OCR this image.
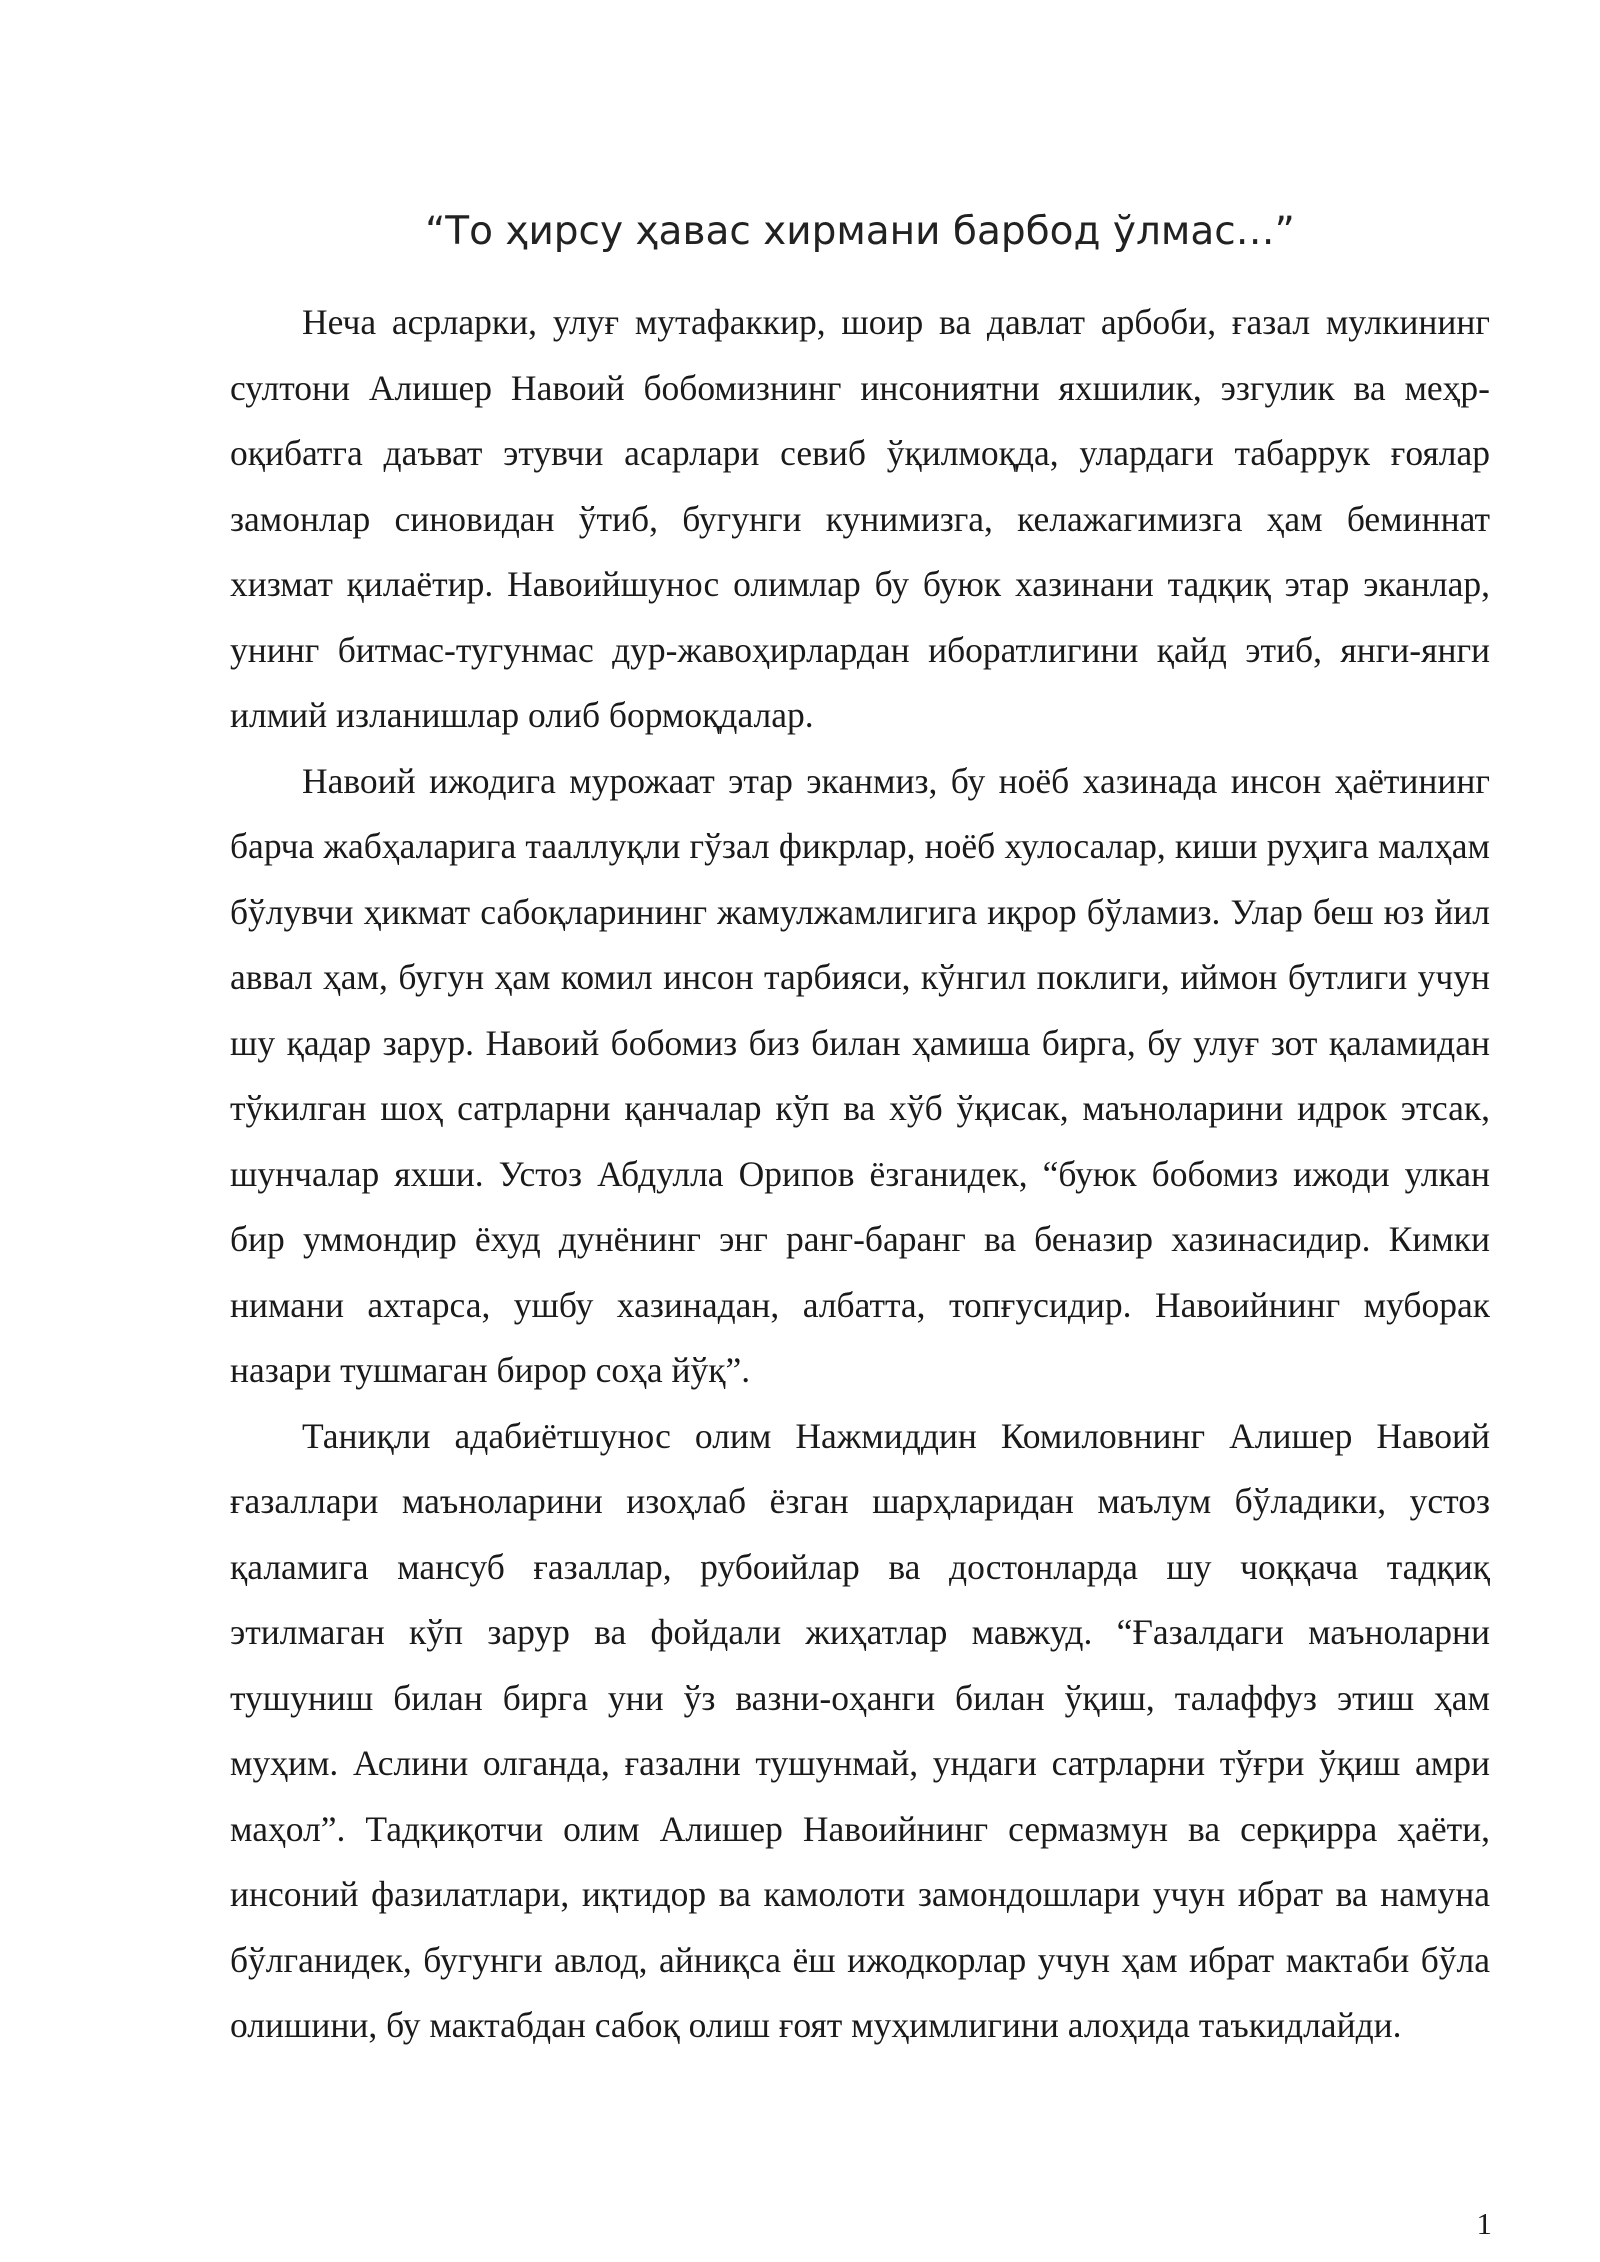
“То ҳирсу ҳавас хирмани барбод ўлмас…”

Неча асрларки, улуғ мутафаккир, шоир ва давлат арбоби, ғазал мулкининг султони Алишер Навоий бобомизнинг инсониятни яхшилик, эзгулик ва меҳр-оқибатга даъват этувчи асарлари севиб ўқилмоқда, улардаги табаррук ғоялар замонлар синовидан ўтиб, бугунги кунимизга, келажагимизга ҳам беминнат хизмат қилаётир. Навоийшунос олимлар бу буюк хазинани тадқиқ этар эканлар, унинг битмас-тугунмас дур-жавоҳирлардан иборатлигини қайд этиб, янги-янги илмий изланишлар олиб бормоқдалар.

Навоий ижодига мурожаат этар эканмиз, бу ноёб хазинада инсон ҳаётининг барча жабҳаларига тааллуқли гўзал фикрлар, ноёб хулосалар, киши руҳига малҳам бўлувчи ҳикмат сабоқларининг жамулжамлигига иқрор бўламиз. Улар беш юз йил аввал ҳам, бугун ҳам комил инсон тарбияси, кўнгил поклиги, иймон бутлиги учун шу қадар зарур. Навоий бобомиз биз билан ҳамиша бирга, бу улуғ зот қаламидан тўкилган шоҳ сатрларни қанчалар кўп ва хўб ўқисак, маъноларини идрок этсак, шунчалар яхши. Устоз Абдулла Орипов ёзганидек, “буюк бобомиз ижоди улкан бир уммондир ёхуд дунёнинг энг ранг-баранг ва беназир хазинасидир. Кимки нимани ахтарса, ушбу хазинадан, албатта, топғусидир. Навоийнинг муборак назари тушмаган бирор соҳа йўқ”.

Таниқли адабиётшунос олим Нажмиддин Комиловнинг Алишер Навоий ғазаллари маъноларини изоҳлаб ёзган шарҳларидан маълум бўладики, устоз қаламига мансуб ғазаллар, рубоийлар ва достонларда шу чоққача тадқиқ этилмаган кўп зарур ва фойдали жиҳатлар мавжуд. “Ғазалдаги маъноларни тушуниш билан бирга уни ўз вазни-оҳанги билан ўқиш, талаффуз этиш ҳам муҳим. Аслини олганда, ғазални тушунмай, ундаги сатрларни тўғри ўқиш амри маҳол”. Тадқиқотчи олим Алишер Навоийнинг сермазмун ва серқирра ҳаёти, инсоний фазилатлари, иқтидор ва камолоти замондошлари учун ибрат ва намуна бўлганидек, бугунги авлод, айниқса ёш ижодкорлар учун ҳам ибрат мактаби бўла олишини, бу мактабдан сабоқ олиш ғоят муҳимлигини алоҳида таъкидлайди.

1
